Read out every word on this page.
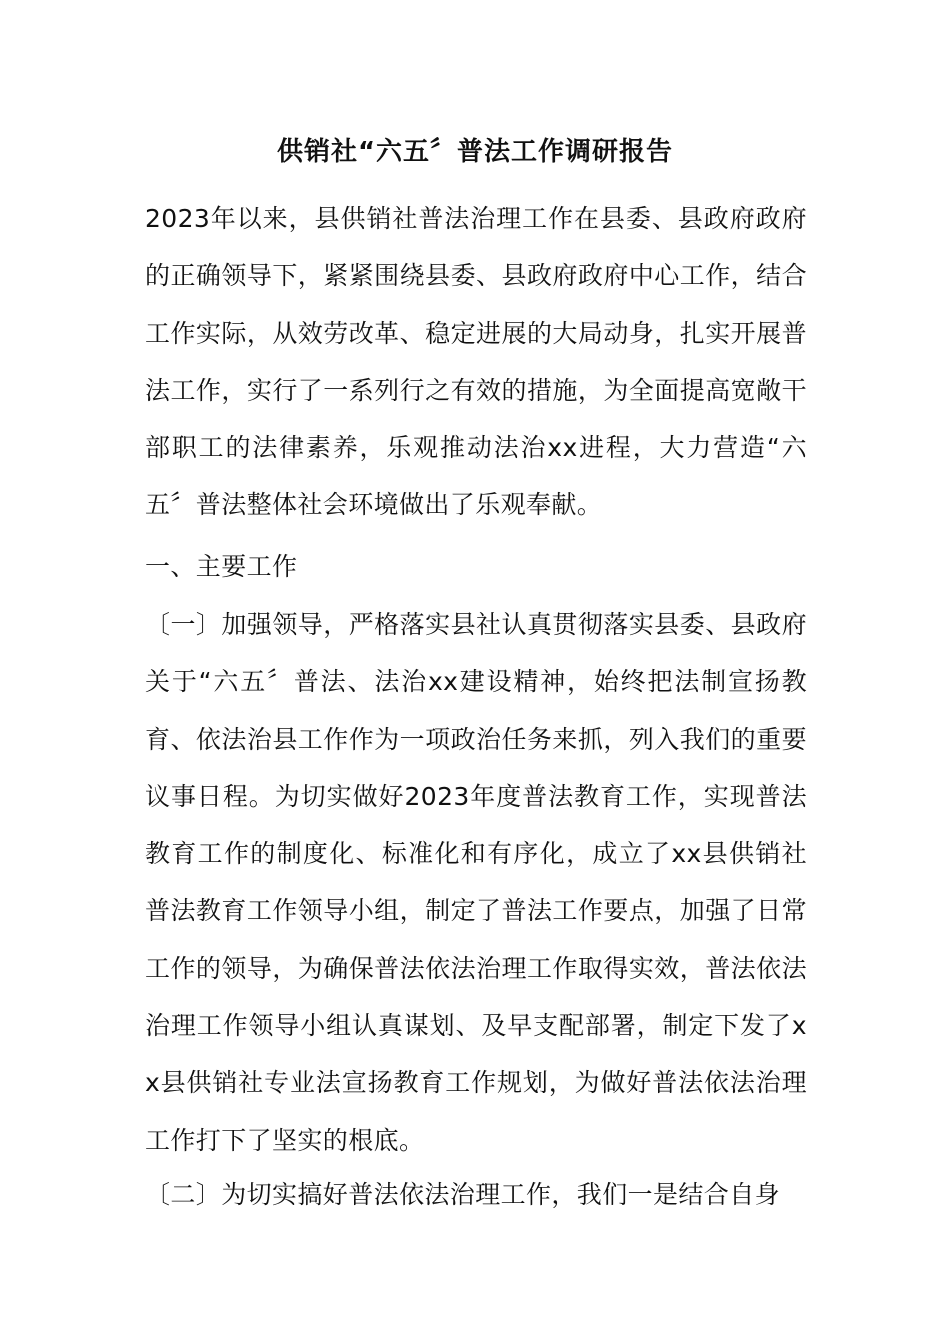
供销社“六五〞普法工作调研报告
2023年以来，县供销社普法治理工作在县委、县政府政府的正确领导下，紧紧围绕县委、县政府政府中心工作，结合工作实际，从效劳改革、稳定进展的大局动身，扎实开展普法工作，实行了一系列行之有效的措施，为全面提高宽敞干部职工的法律素养，乐观推动法治xx进程，大力营造“六五〞普法整体社会环境做出了乐观奉献。
一、主要工作
〔一〕加强领导，严格落实县社认真贯彻落实县委、县政府关于“六五〞普法、法治xx建设精神，始终把法制宣扬教育、依法治县工作作为一项政治任务来抓，列入我们的重要议事日程。为切实做好2023年度普法教育工作，实现普法教育工作的制度化、标准化和有序化，成立了xx县供销社普法教育工作领导小组，制定了普法工作要点，加强了日常工作的领导，为确保普法依法治理工作取得实效，普法依法治理工作领导小组认真谋划、及早支配部署，制定下发了xx县供销社专业法宣扬教育工作规划，为做好普法依法治理工作打下了坚实的根底。
〔二〕为切实搞好普法依法治理工作，我们一是结合自身
